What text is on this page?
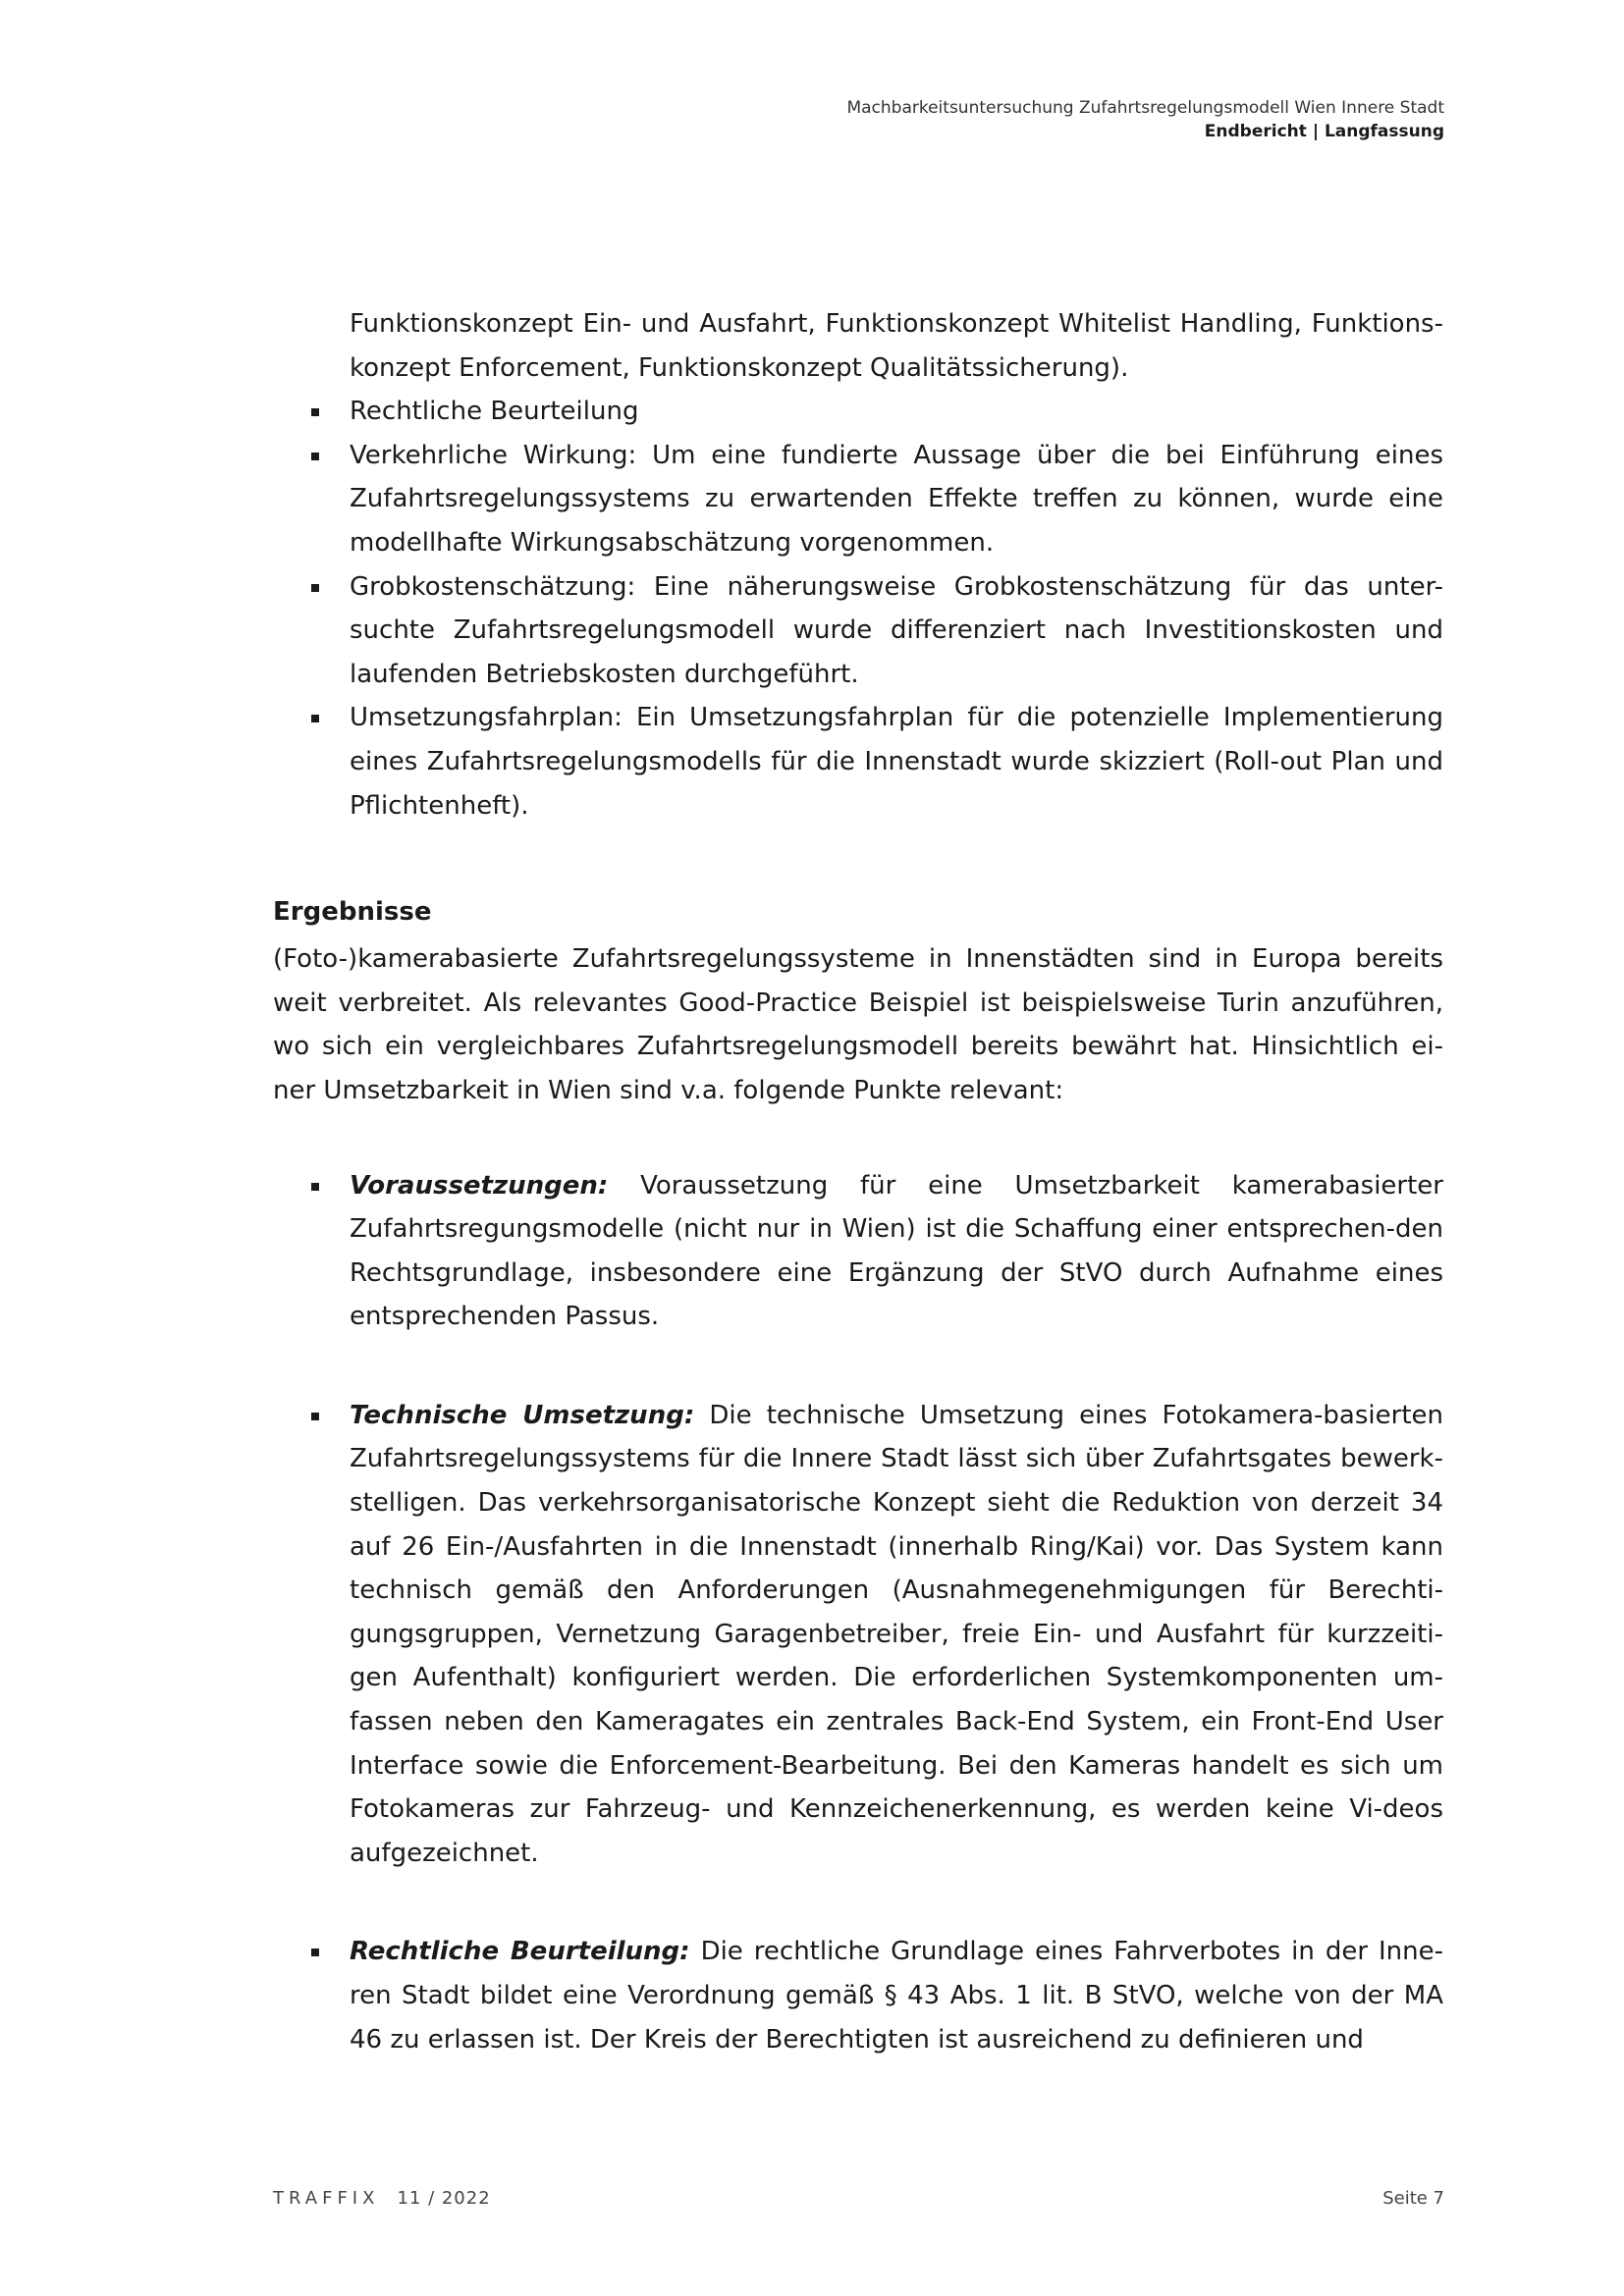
Machbarkeitsuntersuchung Zufahrtsregelungsmodell Wien Innere Stadt
Endbericht | Langfassung

Funktionskonzept Ein- und Ausfahrt, Funktionskonzept Whitelist Handling, Funktions-konzept Enforcement, Funktionskonzept Qualitätssicherung).

Rechtliche Beurteilung
Verkehrliche Wirkung: Um eine fundierte Aussage über die bei Einführung eines Zufahrtsregelungssystems zu erwartenden Effekte treffen zu können, wurde eine modellhafte Wirkungsabschätzung vorgenommen.
Grobkostenschätzung: Eine näherungsweise Grobkostenschätzung für das unter-suchte Zufahrtsregelungsmodell wurde differenziert nach Investitionskosten und laufenden Betriebskosten durchgeführt.
Umsetzungsfahrplan: Ein Umsetzungsfahrplan für die potenzielle Implementierung eines Zufahrtsregelungsmodells für die Innenstadt wurde skizziert (Roll-out Plan und Pflichtenheft).
Ergebnisse

(Foto-)kamerabasierte Zufahrtsregelungssysteme in Innenstädten sind in Europa bereits weit verbreitet. Als relevantes Good-Practice Beispiel ist beispielsweise Turin anzuführen, wo sich ein vergleichbares Zufahrtsregelungsmodell bereits bewährt hat. Hinsichtlich ei-ner Umsetzbarkeit in Wien sind v.a. folgende Punkte relevant:

Voraussetzungen: Voraussetzung für eine Umsetzbarkeit kamerabasierter Zufahrtsregungsmodelle (nicht nur in Wien) ist die Schaffung einer entsprechen-den Rechtsgrundlage, insbesondere eine Ergänzung der StVO durch Aufnahme eines entsprechenden Passus.
Technische Umsetzung: Die technische Umsetzung eines Fotokamera-basierten Zufahrtsregelungssystems für die Innere Stadt lässt sich über Zufahrtsgates bewerk-stelligen. Das verkehrsorganisatorische Konzept sieht die Reduktion von derzeit 34 auf 26 Ein-/Ausfahrten in die Innenstadt (innerhalb Ring/Kai) vor. Das System kann technisch gemäß den Anforderungen (Ausnahmegenehmigungen für Berechti-gungsgruppen, Vernetzung Garagenbetreiber, freie Ein- und Ausfahrt für kurzzeiti-gen Aufenthalt) konfiguriert werden. Die erforderlichen Systemkomponenten um-fassen neben den Kameragates ein zentrales Back-End System, ein Front-End User Interface sowie die Enforcement-Bearbeitung. Bei den Kameras handelt es sich um Fotokameras zur Fahrzeug- und Kennzeichenerkennung, es werden keine Vi-deos aufgezeichnet.
Rechtliche Beurteilung: Die rechtliche Grundlage eines Fahrverbotes in der Inne-ren Stadt bildet eine Verordnung gemäß § 43 Abs. 1 lit. B StVO, welche von der MA 46 zu erlassen ist. Der Kreis der Berechtigten ist ausreichend zu definieren und
TRAFFIX 11 / 2022	Seite 7
